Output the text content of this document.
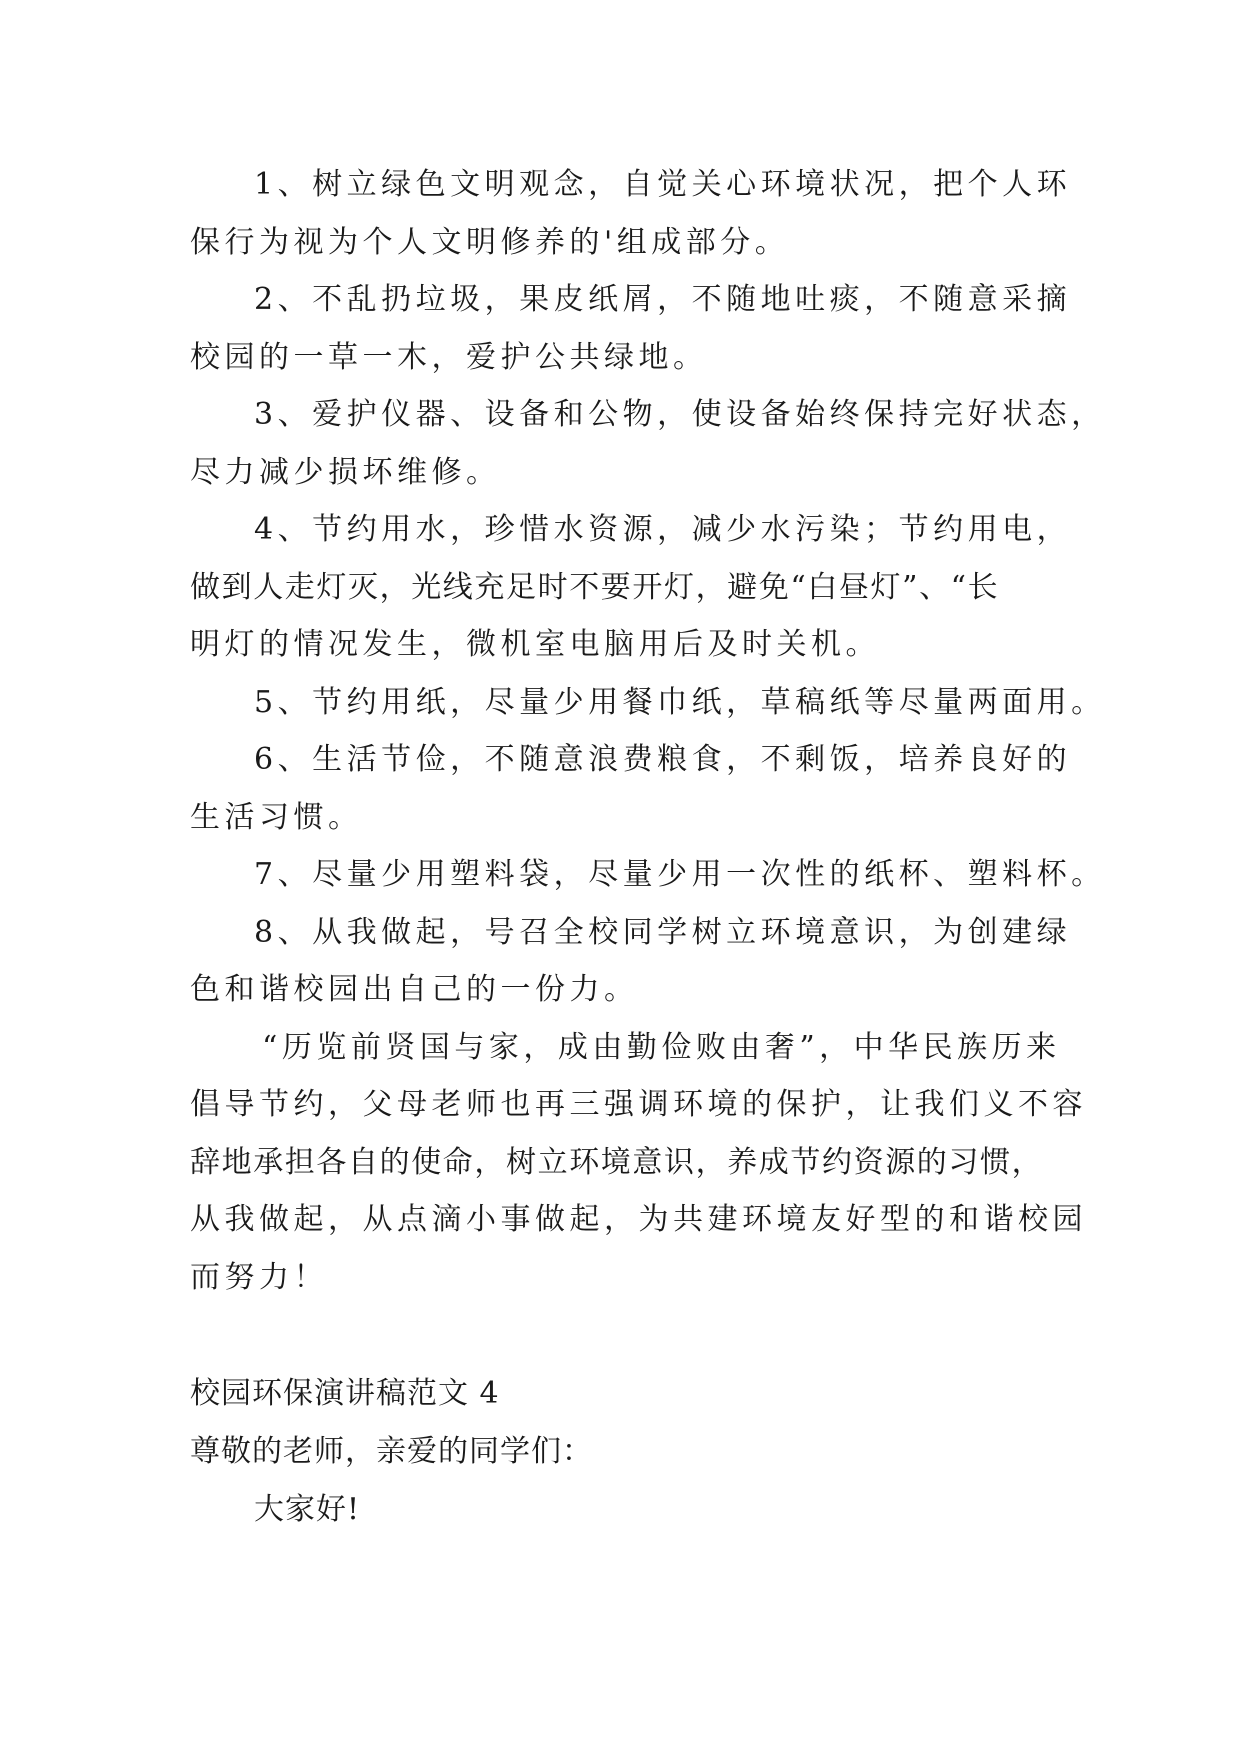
1、树立绿色文明观念，自觉关心环境状况，把个人环
保行为视为个人文明修养的'组成部分。
2、不乱扔垃圾，果皮纸屑，不随地吐痰，不随意采摘
校园的一草一木，爱护公共绿地。
3、爱护仪器、设备和公物，使设备始终保持完好状态，
尽力减少损坏维修。
4、节约用水，珍惜水资源，减少水污染；节约用电，
做到人走灯灭，光线充足时不要开灯，避免“白昼灯”、“长
明灯的情况发生，微机室电脑用后及时关机。
5、节约用纸，尽量少用餐巾纸，草稿纸等尽量两面用。
6、生活节俭，不随意浪费粮食，不剩饭，培养良好的
生活习惯。
7、尽量少用塑料袋，尽量少用一次性的纸杯、塑料杯。
8、从我做起，号召全校同学树立环境意识，为创建绿
色和谐校园出自己的一份力。
“历览前贤国与家，成由勤俭败由奢”，中华民族历来
倡导节约，父母老师也再三强调环境的保护，让我们义不容
辞地承担各自的使命，树立环境意识，养成节约资源的习惯，
从我做起，从点滴小事做起，为共建环境友好型的和谐校园
而努力！
校园环保演讲稿范文 4
尊敬的老师，亲爱的同学们：
大家好!
